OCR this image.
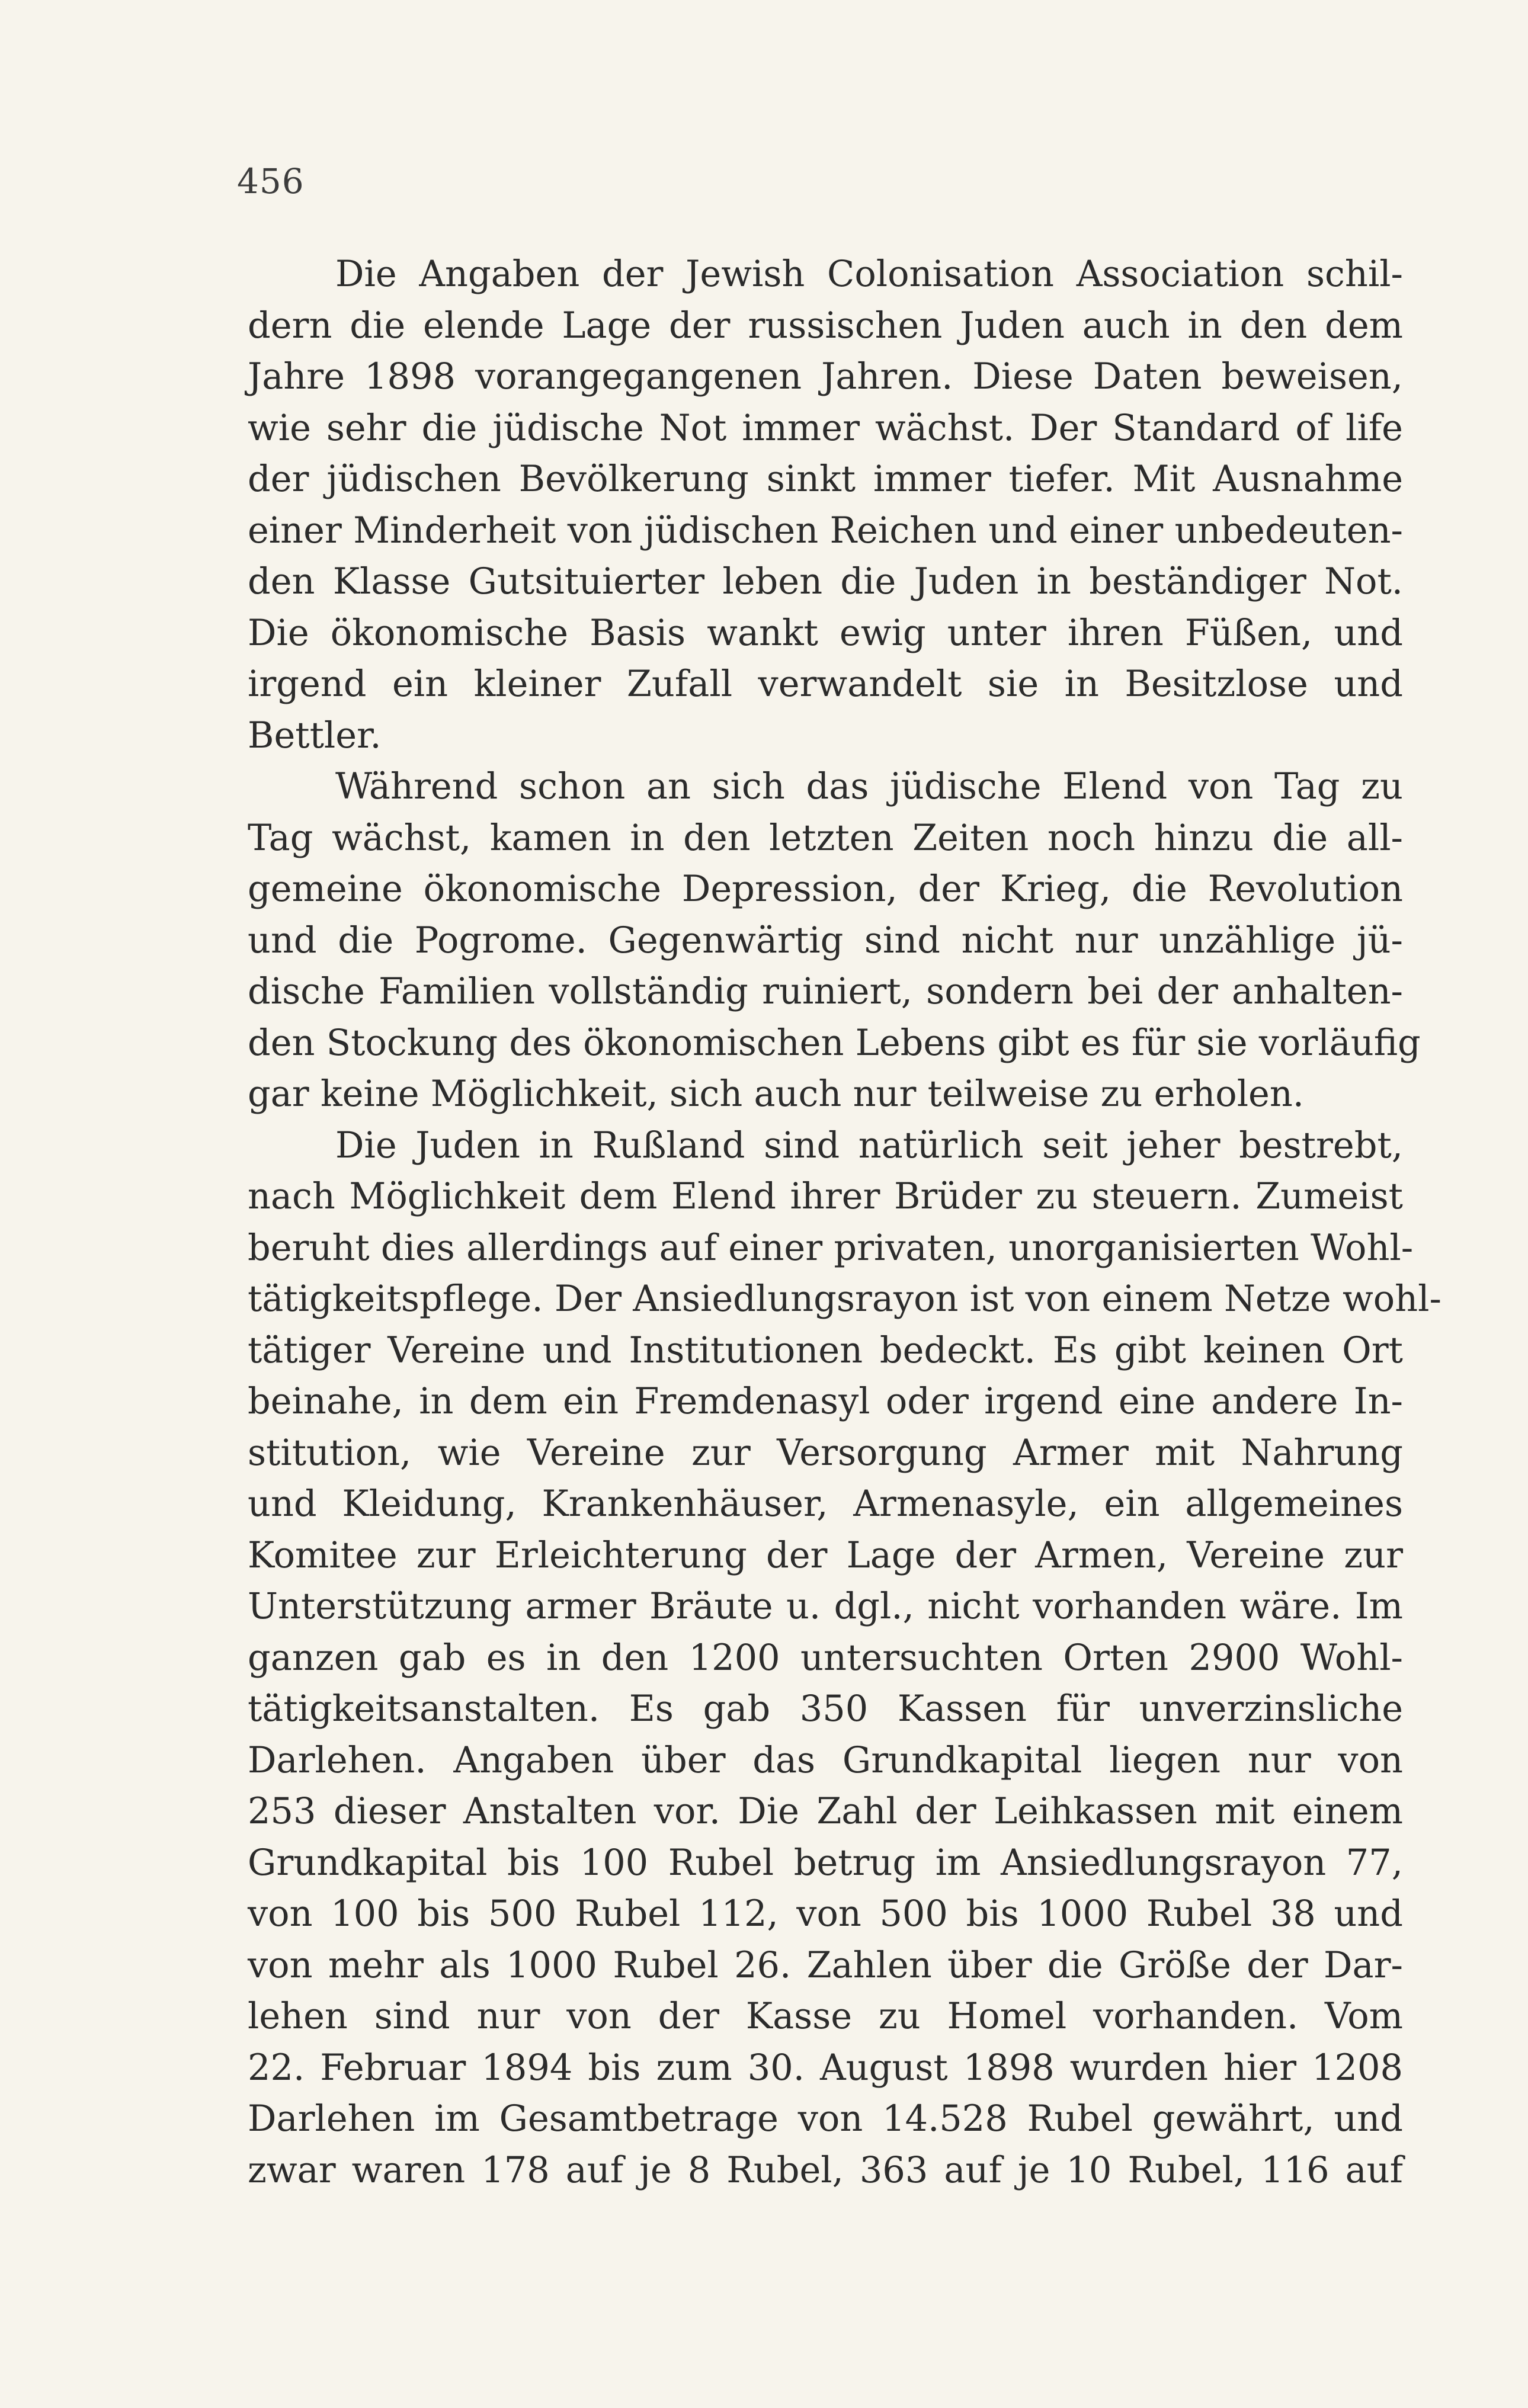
456
Die Angaben der Jewish Colonisation Association schil-
dern die elende Lage der russischen Juden auch in den dem
Jahre 1898 vorangegangenen Jahren. Diese Daten beweisen,
wie sehr die jüdische Not immer wächst. Der Standard of life
der jüdischen Bevölkerung sinkt immer tiefer. Mit Ausnahme
einer Minderheit von jüdischen Reichen und einer unbedeuten-
den Klasse Gutsituierter leben die Juden in beständiger Not.
Die ökonomische Basis wankt ewig unter ihren Füßen, und
irgend ein kleiner Zufall verwandelt sie in Besitzlose und
Bettler.
Während schon an sich das jüdische Elend von Tag zu
Tag wächst, kamen in den letzten Zeiten noch hinzu die all-
gemeine ökonomische Depression, der Krieg, die Revolution
und die Pogrome. Gegenwärtig sind nicht nur unzählige jü-
dische Familien vollständig ruiniert, sondern bei der anhalten-
den Stockung des ökonomischen Lebens gibt es für sie vorläufig
gar keine Möglichkeit, sich auch nur teilweise zu erholen.
Die Juden in Rußland sind natürlich seit jeher bestrebt,
nach Möglichkeit dem Elend ihrer Brüder zu steuern. Zumeist
beruht dies allerdings auf einer privaten, unorganisierten Wohl-
tätigkeitspflege. Der Ansiedlungsrayon ist von einem Netze wohl-
tätiger Vereine und Institutionen bedeckt. Es gibt keinen Ort
beinahe, in dem ein Fremdenasyl oder irgend eine andere In-
stitution, wie Vereine zur Versorgung Armer mit Nahrung
und Kleidung, Krankenhäuser, Armenasyle, ein allgemeines
Komitee zur Erleichterung der Lage der Armen, Vereine zur
Unterstützung armer Bräute u. dgl., nicht vorhanden wäre. Im
ganzen gab es in den 1200 untersuchten Orten 2900 Wohl-
tätigkeitsanstalten. Es gab 350 Kassen für unverzinsliche
Darlehen. Angaben über das Grundkapital liegen nur von
253 dieser Anstalten vor. Die Zahl der Leihkassen mit einem
Grundkapital bis 100 Rubel betrug im Ansiedlungsrayon 77,
von 100 bis 500 Rubel 112, von 500 bis 1000 Rubel 38 und
von mehr als 1000 Rubel 26. Zahlen über die Größe der Dar-
lehen sind nur von der Kasse zu Homel vorhanden. Vom
22. Februar 1894 bis zum 30. August 1898 wurden hier 1208
Darlehen im Gesamtbetrage von 14.528 Rubel gewährt, und
zwar waren 178 auf je 8 Rubel, 363 auf je 10 Rubel, 116 auf
